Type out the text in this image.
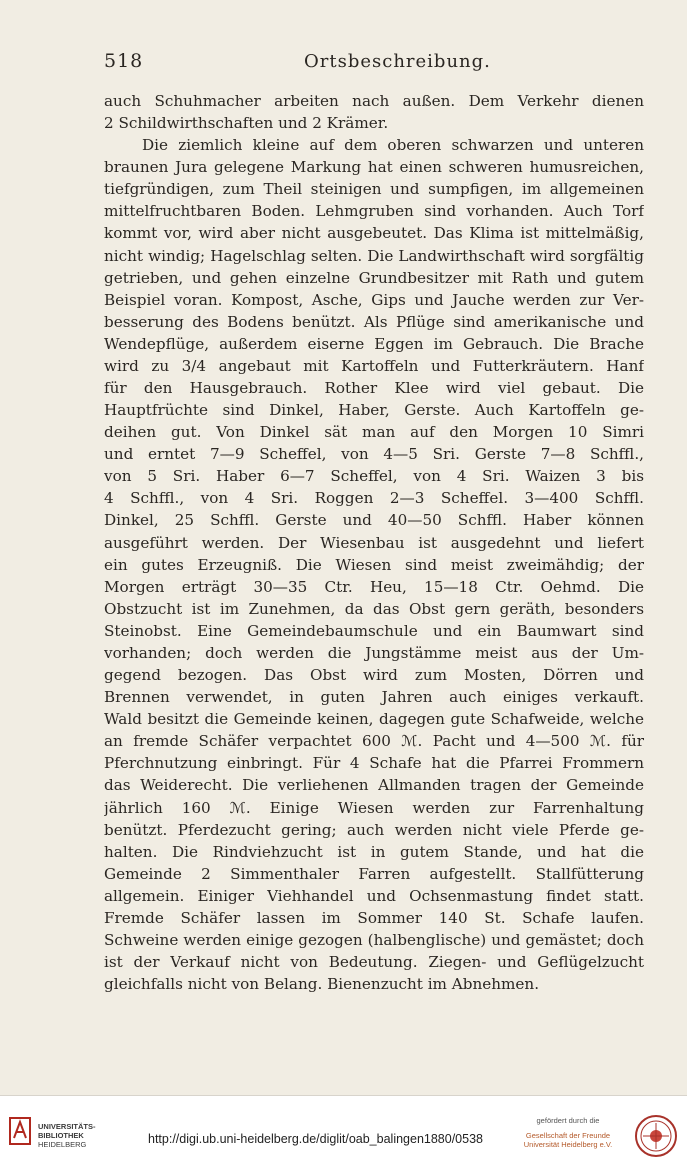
518	Ortsbeschreibung.
auch Schuhmacher arbeiten nach außen. Dem Verkehr dienen
2 Schildwirthschaften und 2 Krämer.
Die ziemlich kleine auf dem oberen schwarzen und unteren
braunen Jura gelegene Markung hat einen schweren humusreichen,
tiefgründigen, zum Theil steinigen und sumpfigen, im allgemeinen
mittelfruchtbaren Boden. Lehmgruben sind vorhanden. Auch Torf
kommt vor, wird aber nicht ausgebeutet. Das Klima ist mittelmäßig,
nicht windig; Hagelschlag selten. Die Landwirthschaft wird sorgfältig
getrieben, und gehen einzelne Grundbesitzer mit Rath und gutem
Beispiel voran. Kompost, Asche, Gips und Jauche werden zur Ver-
besserung des Bodens benützt. Als Pflüge sind amerikanische und
Wendepflüge, außerdem eiserne Eggen im Gebrauch. Die Brache
wird zu 3/4 angebaut mit Kartoffeln und Futterkräutern. Hanf
für den Hausgebrauch. Rother Klee wird viel gebaut. Die
Hauptfrüchte sind Dinkel, Haber, Gerste. Auch Kartoffeln ge-
deihen gut. Von Dinkel sät man auf den Morgen 10 Simri
und erntet 7—9 Scheffel, von 4—5 Sri. Gerste 7—8 Schffl.,
von 5 Sri. Haber 6—7 Scheffel, von 4 Sri. Waizen 3 bis
4 Schffl., von 4 Sri. Roggen 2—3 Scheffel. 3—400 Schffl.
Dinkel, 25 Schffl. Gerste und 40—50 Schffl. Haber können
ausgeführt werden. Der Wiesenbau ist ausgedehnt und liefert
ein gutes Erzeugniß. Die Wiesen sind meist zweimähdig; der
Morgen erträgt 30—35 Ctr. Heu, 15—18 Ctr. Oehmd. Die
Obstzucht ist im Zunehmen, da das Obst gern geräth, besonders
Steinobst. Eine Gemeindebaumschule und ein Baumwart sind
vorhanden; doch werden die Jungstämme meist aus der Um-
gegend bezogen. Das Obst wird zum Mosten, Dörren und
Brennen verwendet, in guten Jahren auch einiges verkauft.
Wald besitzt die Gemeinde keinen, dagegen gute Schafweide, welche
an fremde Schäfer verpachtet 600 ℳ. Pacht und 4—500 ℳ. für
Pferchnutzung einbringt. Für 4 Schafe hat die Pfarrei Frommern
das Weiderecht. Die verliehenen Allmanden tragen der Gemeinde
jährlich 160 ℳ. Einige Wiesen werden zur Farrenhaltung
benützt. Pferdezucht gering; auch werden nicht viele Pferde ge-
halten. Die Rindviehzucht ist in gutem Stande, und hat die
Gemeinde 2 Simmenthaler Farren aufgestellt. Stallfütterung
allgemein. Einiger Viehhandel und Ochsenmastung findet statt.
Fremde Schäfer lassen im Sommer 140 St. Schafe laufen.
Schweine werden einige gezogen (halbenglische) und gemästet; doch
ist der Verkauf nicht von Bedeutung. Ziegen- und Geflügelzucht
gleichfalls nicht von Belang. Bienenzucht im Abnehmen.
UNIVERSITÄTS-
BIBLIOTHEK
HEIDELBERG	http://digi.ub.uni-heidelberg.de/diglit/oab_balingen1880/0538
gefördert durch die
Gesellschaft der Freunde
Universität Heidelberg e.V.
